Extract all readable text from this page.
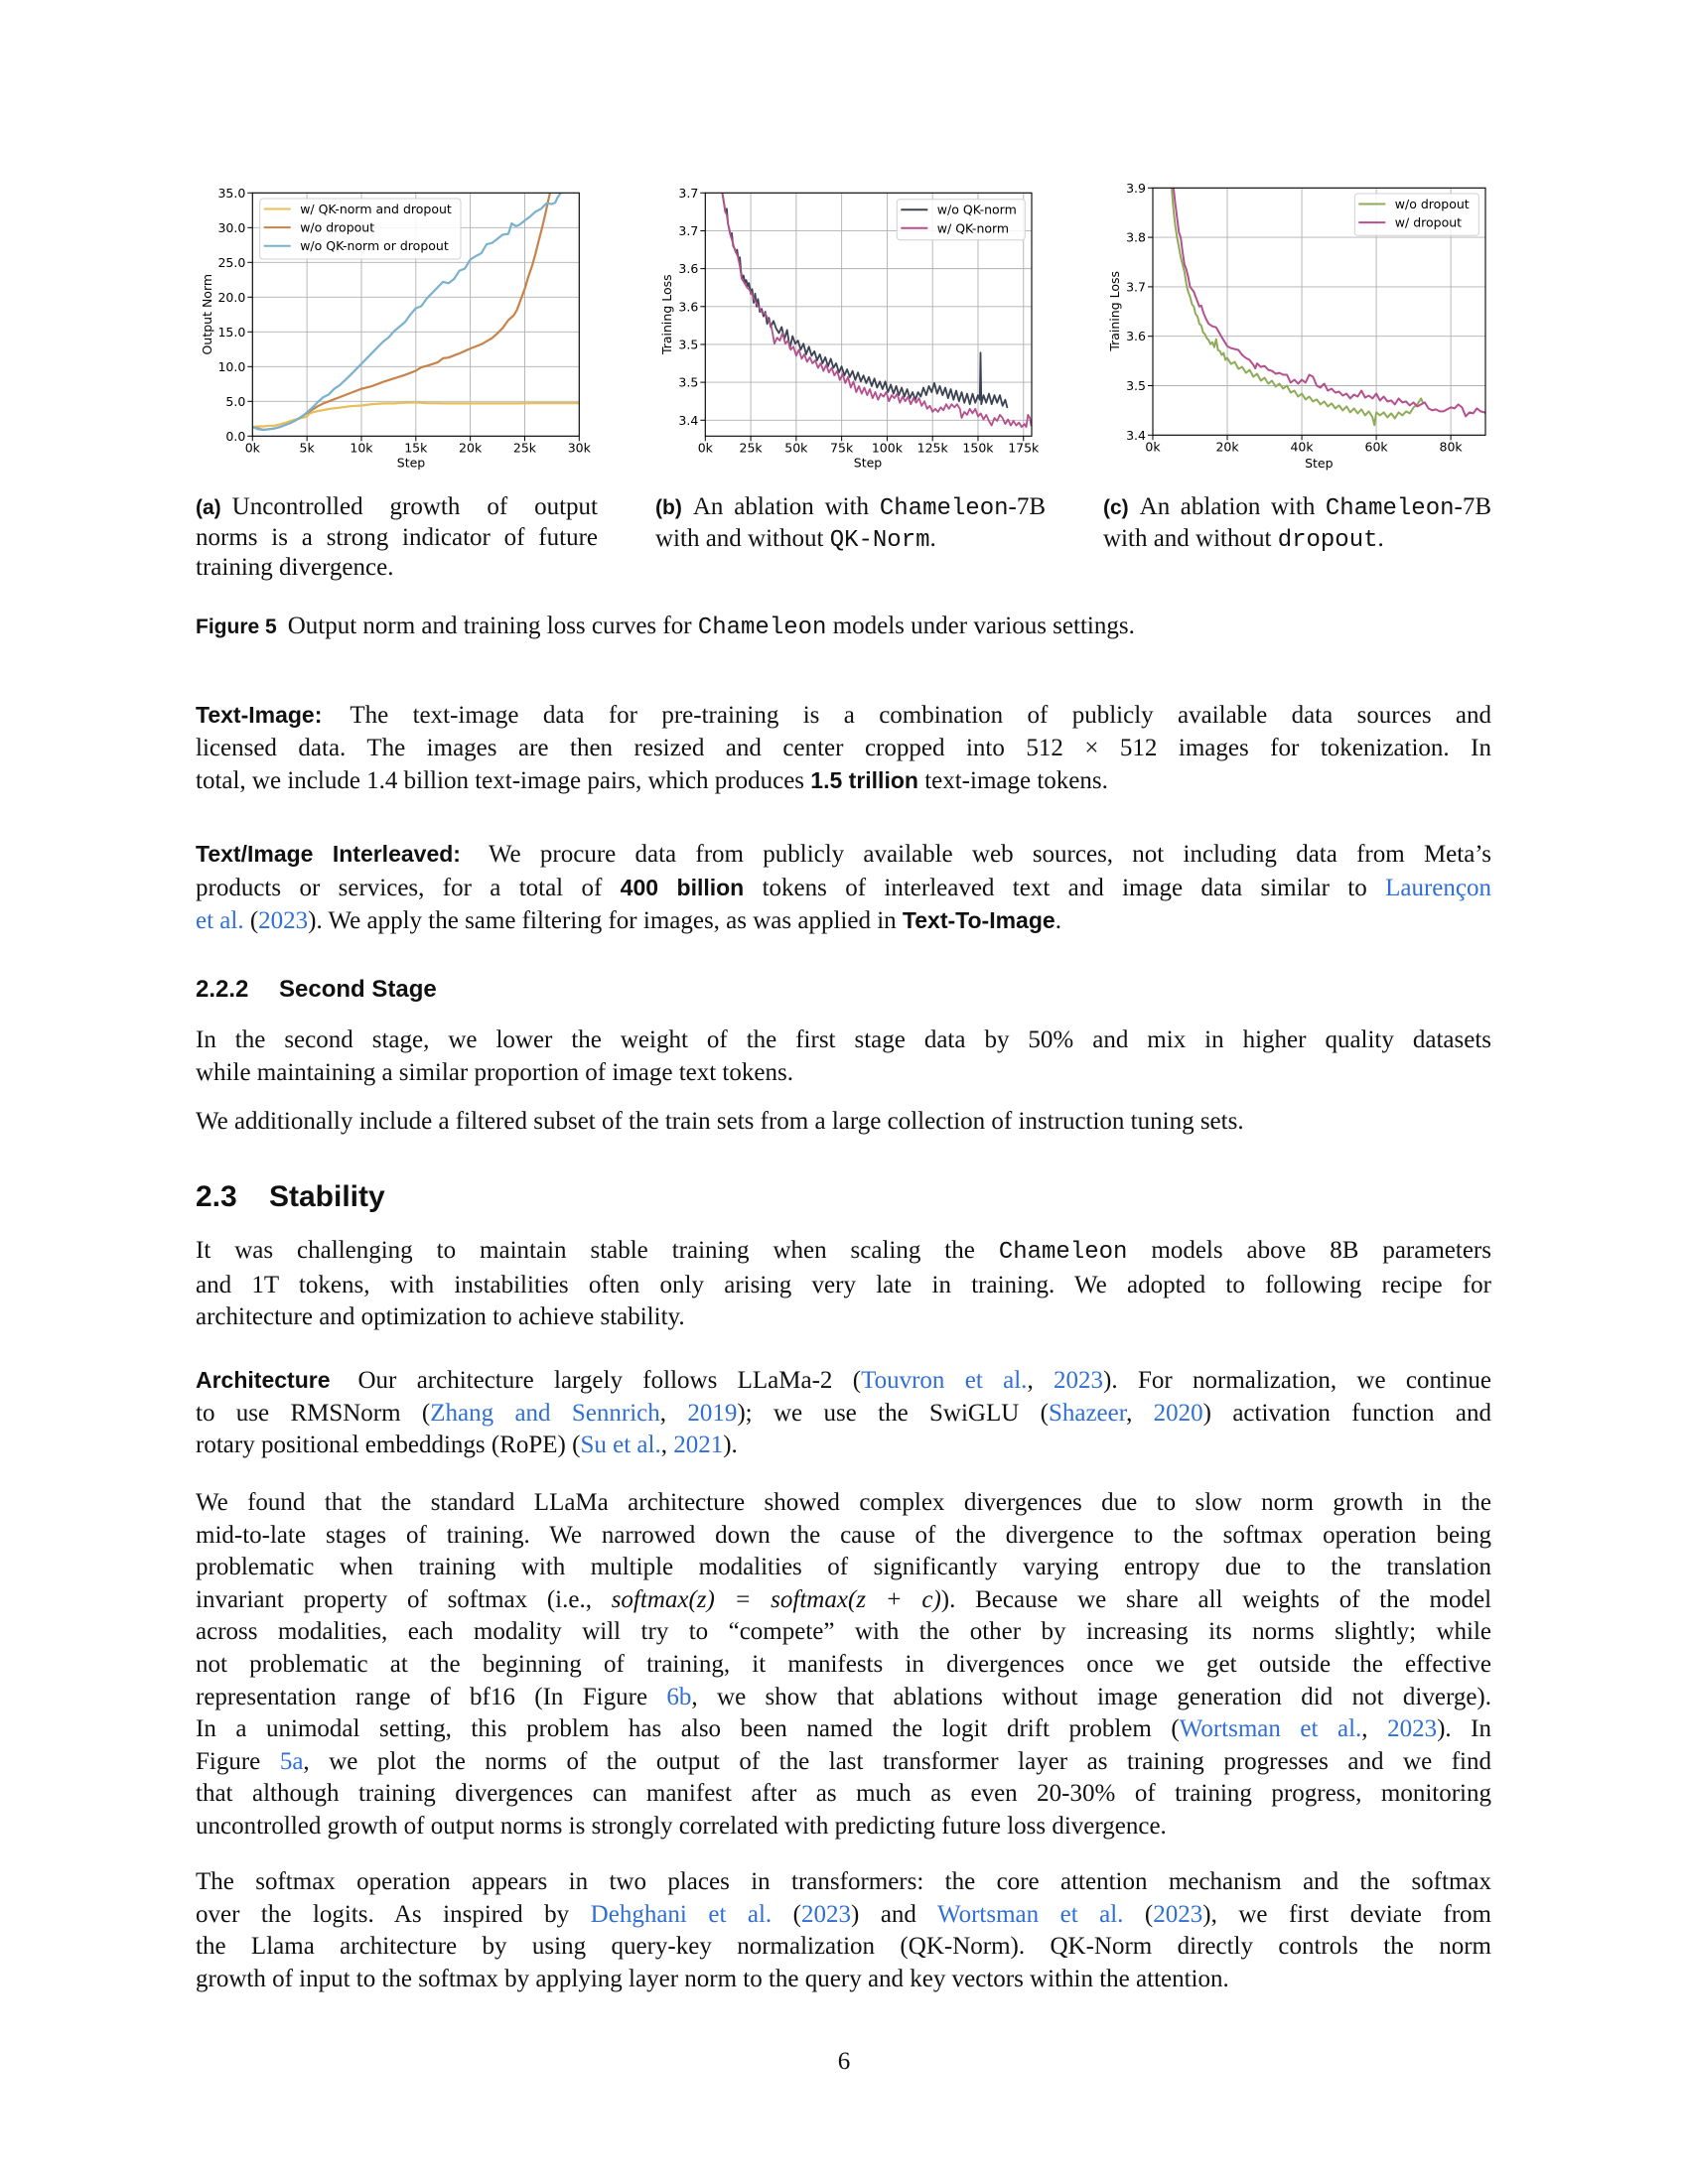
0k	5k	10k	15k	20k	25k	30k
0.0
5.0
10.0
15.0
20.0
25.0
30.0
35.0
Step
Output Norm
w/ QK-norm and dropout
w/o dropout
w/o QK-norm or dropout
0k 25k 50k 75k 100k 125k 150k 175k
3.7
3.7
3.6
3.6
3.5
3.5
3.4
Step
Training Loss
w/o QK-norm
w/ QK-norm
0k	20k	40k	60k	80k
3.4
3.5
3.6
3.7
3.8
3.9
Step
Training Loss
w/o dropout
w/ dropout
(a) Uncontrolled growth of output
norms is a strong indicator of future
training divergence.
(b) An ablation with Chameleon-7B
with and without QK-Norm.
(c) An ablation with Chameleon-7B
with and without dropout.
Figure 5 Output norm and training loss curves for Chameleon models under various settings.
Text-Image: The text-image data for pre-training is a combination of publicly available data sources and
licensed data. The images are then resized and center cropped into 512 × 512 images for tokenization. In
total, we include 1.4 billion text-image pairs, which produces 1.5 trillion text-image tokens.
Text/Image Interleaved: We procure data from publicly available web sources, not including data from Meta’s
products or services, for a total of 400 billion tokens of interleaved text and image data similar to Laurençon
et al. (2023). We apply the same filtering for images, as was applied in Text-To-Image.
2.2.2 Second Stage
In the second stage, we lower the weight of the first stage data by 50% and mix in higher quality datasets
while maintaining a similar proportion of image text tokens.
We additionally include a filtered subset of the train sets from a large collection of instruction tuning sets.
2.3 Stability
It was challenging to maintain stable training when scaling the Chameleon models above 8B parameters
and 1T tokens, with instabilities often only arising very late in training. We adopted to following recipe for
architecture and optimization to achieve stability.
Architecture Our architecture largely follows LLaMa-2 (Touvron et al., 2023). For normalization, we continue
to use RMSNorm (Zhang and Sennrich, 2019); we use the SwiGLU (Shazeer, 2020) activation function and
rotary positional embeddings (RoPE) (Su et al., 2021).
We found that the standard LLaMa architecture showed complex divergences due to slow norm growth in the
mid-to-late stages of training. We narrowed down the cause of the divergence to the softmax operation being
problematic when training with multiple modalities of significantly varying entropy due to the translation
invariant property of softmax (i.e., softmax(z) = softmax(z + c)). Because we share all weights of the model
across modalities, each modality will try to “compete” with the other by increasing its norms slightly; while
not problematic at the beginning of training, it manifests in divergences once we get outside the effective
representation range of bf16 (In Figure 6b, we show that ablations without image generation did not diverge).
In a unimodal setting, this problem has also been named the logit drift problem (Wortsman et al., 2023). In
Figure 5a, we plot the norms of the output of the last transformer layer as training progresses and we find
that although training divergences can manifest after as much as even 20-30% of training progress, monitoring
uncontrolled growth of output norms is strongly correlated with predicting future loss divergence.
The softmax operation appears in two places in transformers: the core attention mechanism and the softmax
over the logits. As inspired by Dehghani et al. (2023) and Wortsman et al. (2023), we first deviate from
the Llama architecture by using query-key normalization (QK-Norm). QK-Norm directly controls the norm
growth of input to the softmax by applying layer norm to the query and key vectors within the attention.
6
